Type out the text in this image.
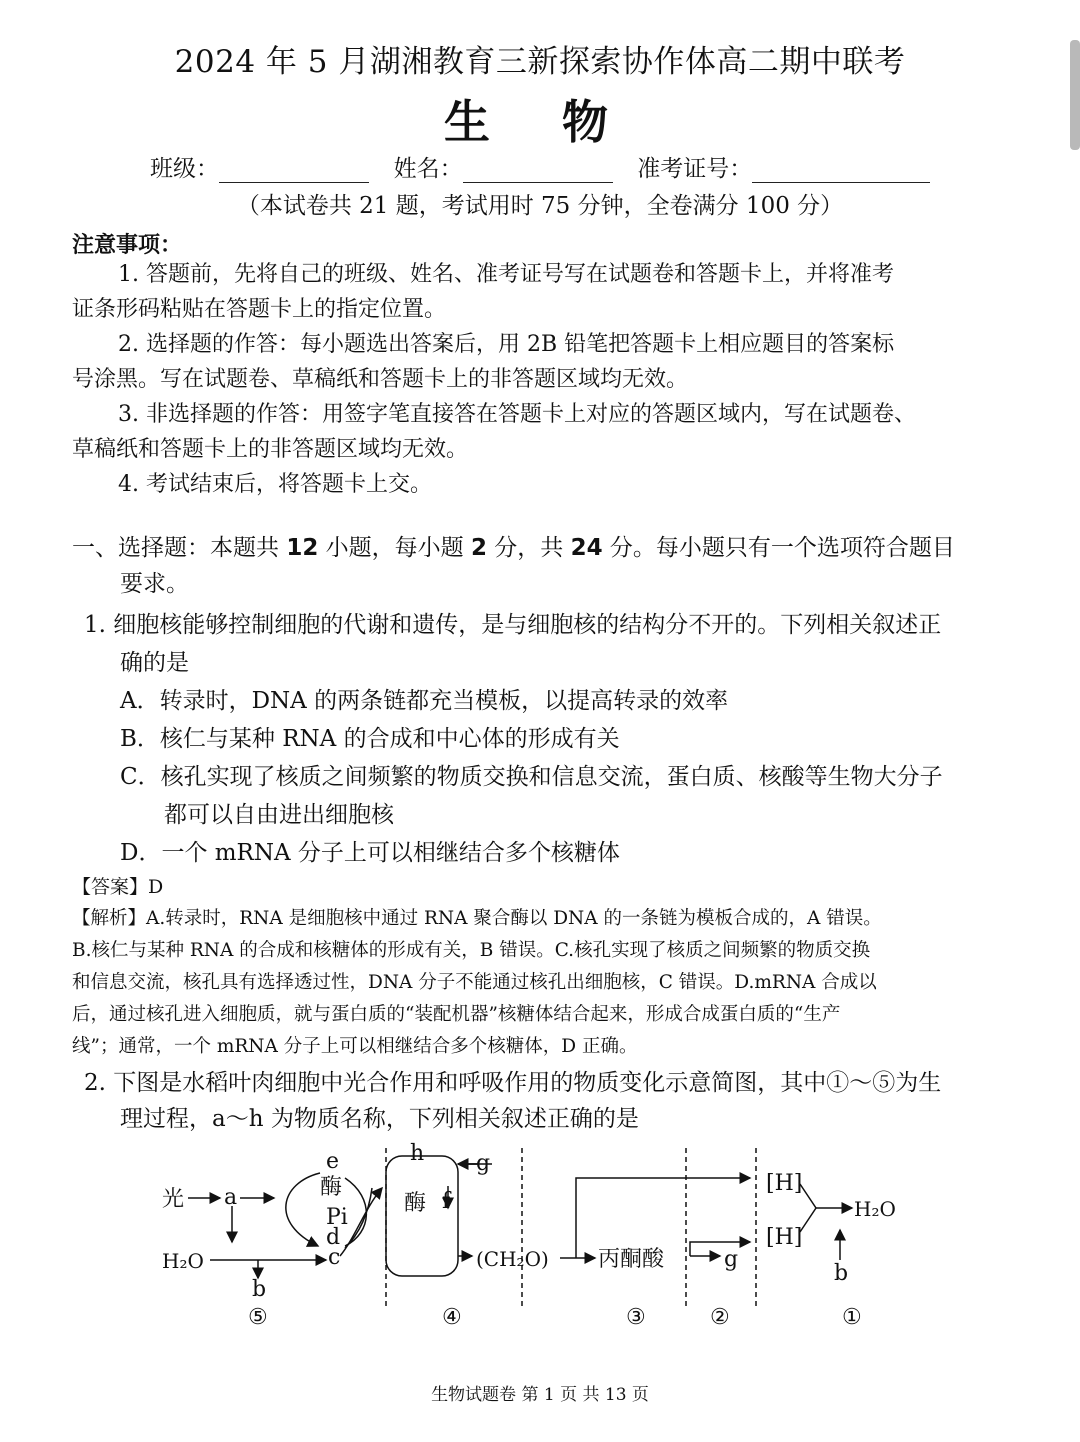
2024 年 5 月湖湘教育三新探索协作体高二期中联考
生 物
班级：	姓名：	准考证号：
（本试卷共 21 题，考试用时 75 分钟，全卷满分 100 分）
注意事项：
1. 答题前，先将自己的班级、姓名、准考证号写在试题卷和答题卡上，并将准考
证条形码粘贴在答题卡上的指定位置。
2. 选择题的作答：每小题选出答案后，用 2B 铅笔把答题卡上相应题目的答案标
号涂黑。写在试题卷、草稿纸和答题卡上的非答题区域均无效。
3. 非选择题的作答：用签字笔直接答在答题卡上对应的答题区域内，写在试题卷、
草稿纸和答题卡上的非答题区域均无效。
4. 考试结束后，将答题卡上交。
一、选择题：本题共 12 小题，每小题 2 分，共 24 分。每小题只有一个选项符合题目
要求。
1. 细胞核能够控制细胞的代谢和遗传，是与细胞核的结构分不开的。下列相关叙述正
确的是
A．转录时，DNA 的两条链都充当模板，以提高转录的效率
B．核仁与某种 RNA 的合成和中心体的形成有关
C．核孔实现了核质之间频繁的物质交换和信息交流，蛋白质、核酸等生物大分子
都可以自由进出细胞核
D．一个 mRNA 分子上可以相继结合多个核糖体
【答案】D
【解析】A.转录时，RNA 是细胞核中通过 RNA 聚合酶以 DNA 的一条链为模板合成的，A 错误。
B.核仁与某种 RNA 的合成和核糖体的形成有关，B 错误。C.核孔实现了核质之间频繁的物质交换
和信息交流，核孔具有选择透过性，DNA 分子不能通过核孔出细胞核，C 错误。D.mRNA 合成以
后，通过核孔进入细胞质，就与蛋白质的“装配机器”核糖体结合起来，形成合成蛋白质的“生产
线”；通常，一个 mRNA 分子上可以相继结合多个核糖体，D 正确。
2. 下图是水稻叶肉细胞中光合作用和呼吸作用的物质变化示意简图，其中①～⑤为生
理过程，a～h 为物质名称，下列相关叙述正确的是
光 a
H₂O
b
e
酶
Pi
d
c
h g
酶 f
(CH₂O) 丙酮酸	g
[H]
[H]
H₂O
b
⑤	④	③	②	①
生物试题卷 第 1 页 共 13 页
